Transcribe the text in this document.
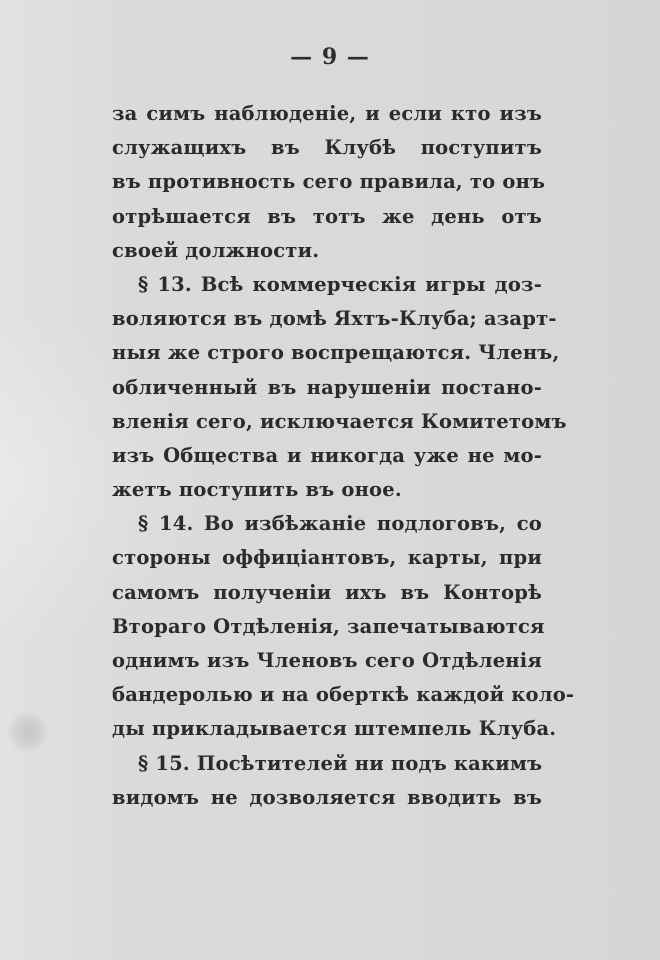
— 9 —
за симъ наблюденіе, и если кто изъ
служащихъ въ Клубѣ поступитъ
въ противность сего правила, то онъ
отрѣшается въ тотъ же день отъ
своей должности.
§ 13. Всѣ коммерческія игры доз-
воляются въ домѣ Яхтъ-Клуба; азарт-
ныя же строго воспрещаются. Членъ,
обличенный въ нарушеніи постано-
вленія сего, исключается Комитетомъ
изъ Общества и никогда уже не мо-
жетъ поступить въ оное.
§ 14. Во избѣжаніе подлоговъ, со
стороны оффиціантовъ, карты, при
самомъ полученіи ихъ въ Конторѣ
Втораго Отдѣленія, запечатываются
однимъ изъ Членовъ сего Отдѣленія
бандеролью и на оберткѣ каждой коло-
ды прикладывается штемпель Клуба.
§ 15. Посѣтителей ни подъ какимъ
видомъ не дозволяется вводить въ
